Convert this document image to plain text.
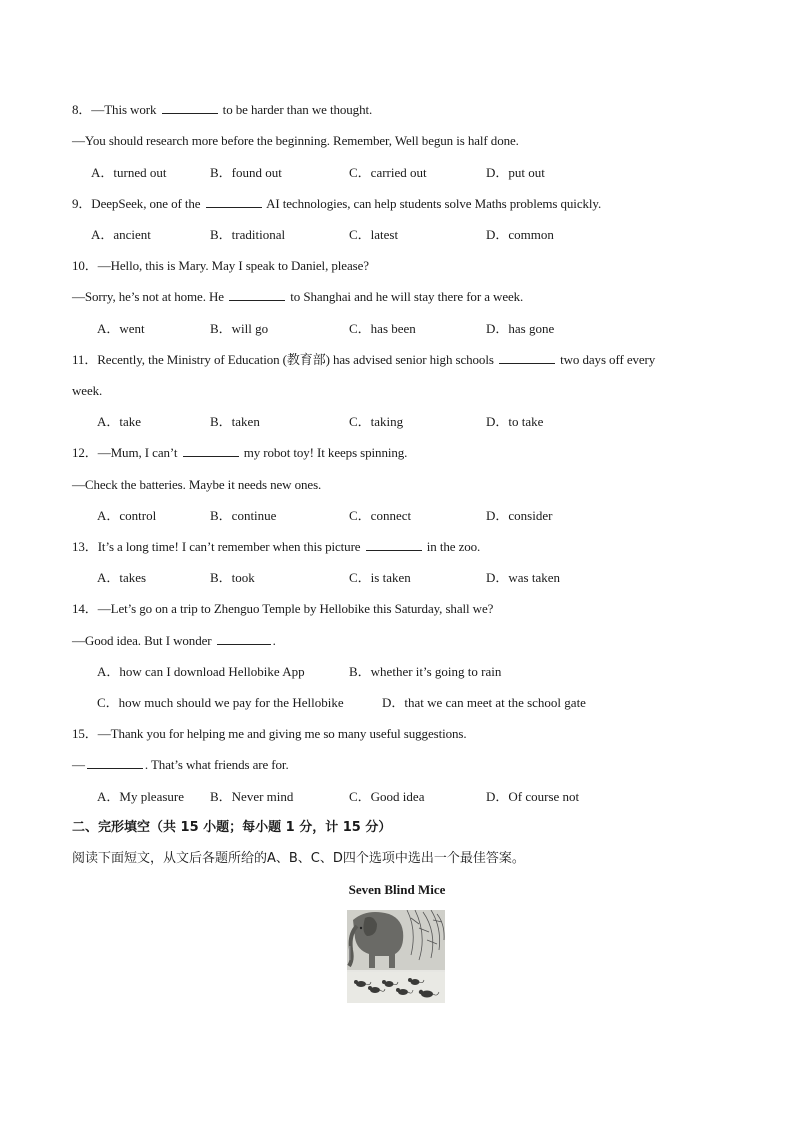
8．—This work	to be harder than we thought.
—You should research more before the beginning. Remember, Well begun is half done.
A．turned out	B．found out	C．carried out	D．put out
9．DeepSeek, one of the	AI technologies, can help students solve Maths problems quickly.
A．ancient	B．traditional	C．latest	D．common
10．—Hello, this is Mary. May I speak to Daniel, please?
—Sorry, he’s not at home. He	to Shanghai and he will stay there for a week.
A．went	B．will go	C．has been	D．has gone
11．Recently, the Ministry of Education (教育部) has advised senior high schools	two days off every
week.
A．take	B．taken	C．taking	D．to take
12．—Mum, I can’t	my robot toy! It keeps spinning.
—Check the batteries. Maybe it needs new ones.
A．control	B．continue	C．connect	D．consider
13．It’s a long time! I can’t remember when this picture	in the zoo.
A．takes	B．took	C．is taken	D．was taken
14．—Let’s go on a trip to Zhenguo Temple by Hellobike this Saturday, shall we?
—Good idea. But I wonder	.
A．how can I download Hellobike App	B．whether it’s going to rain
C．how much should we pay for the Hellobike	D．that we can meet at the school gate
15．—Thank you for helping me and giving me so many useful suggestions.
—	. That’s what friends are for.
A．My pleasure B．Never mind	C．Good idea	D．Of course not
二、完形填空（共 15 小题；每小题 1 分，计 15 分）
阅读下面短文，从文后各题所给的A、B、C、D四个选项中选出一个最佳答案。
Seven Blind Mice
